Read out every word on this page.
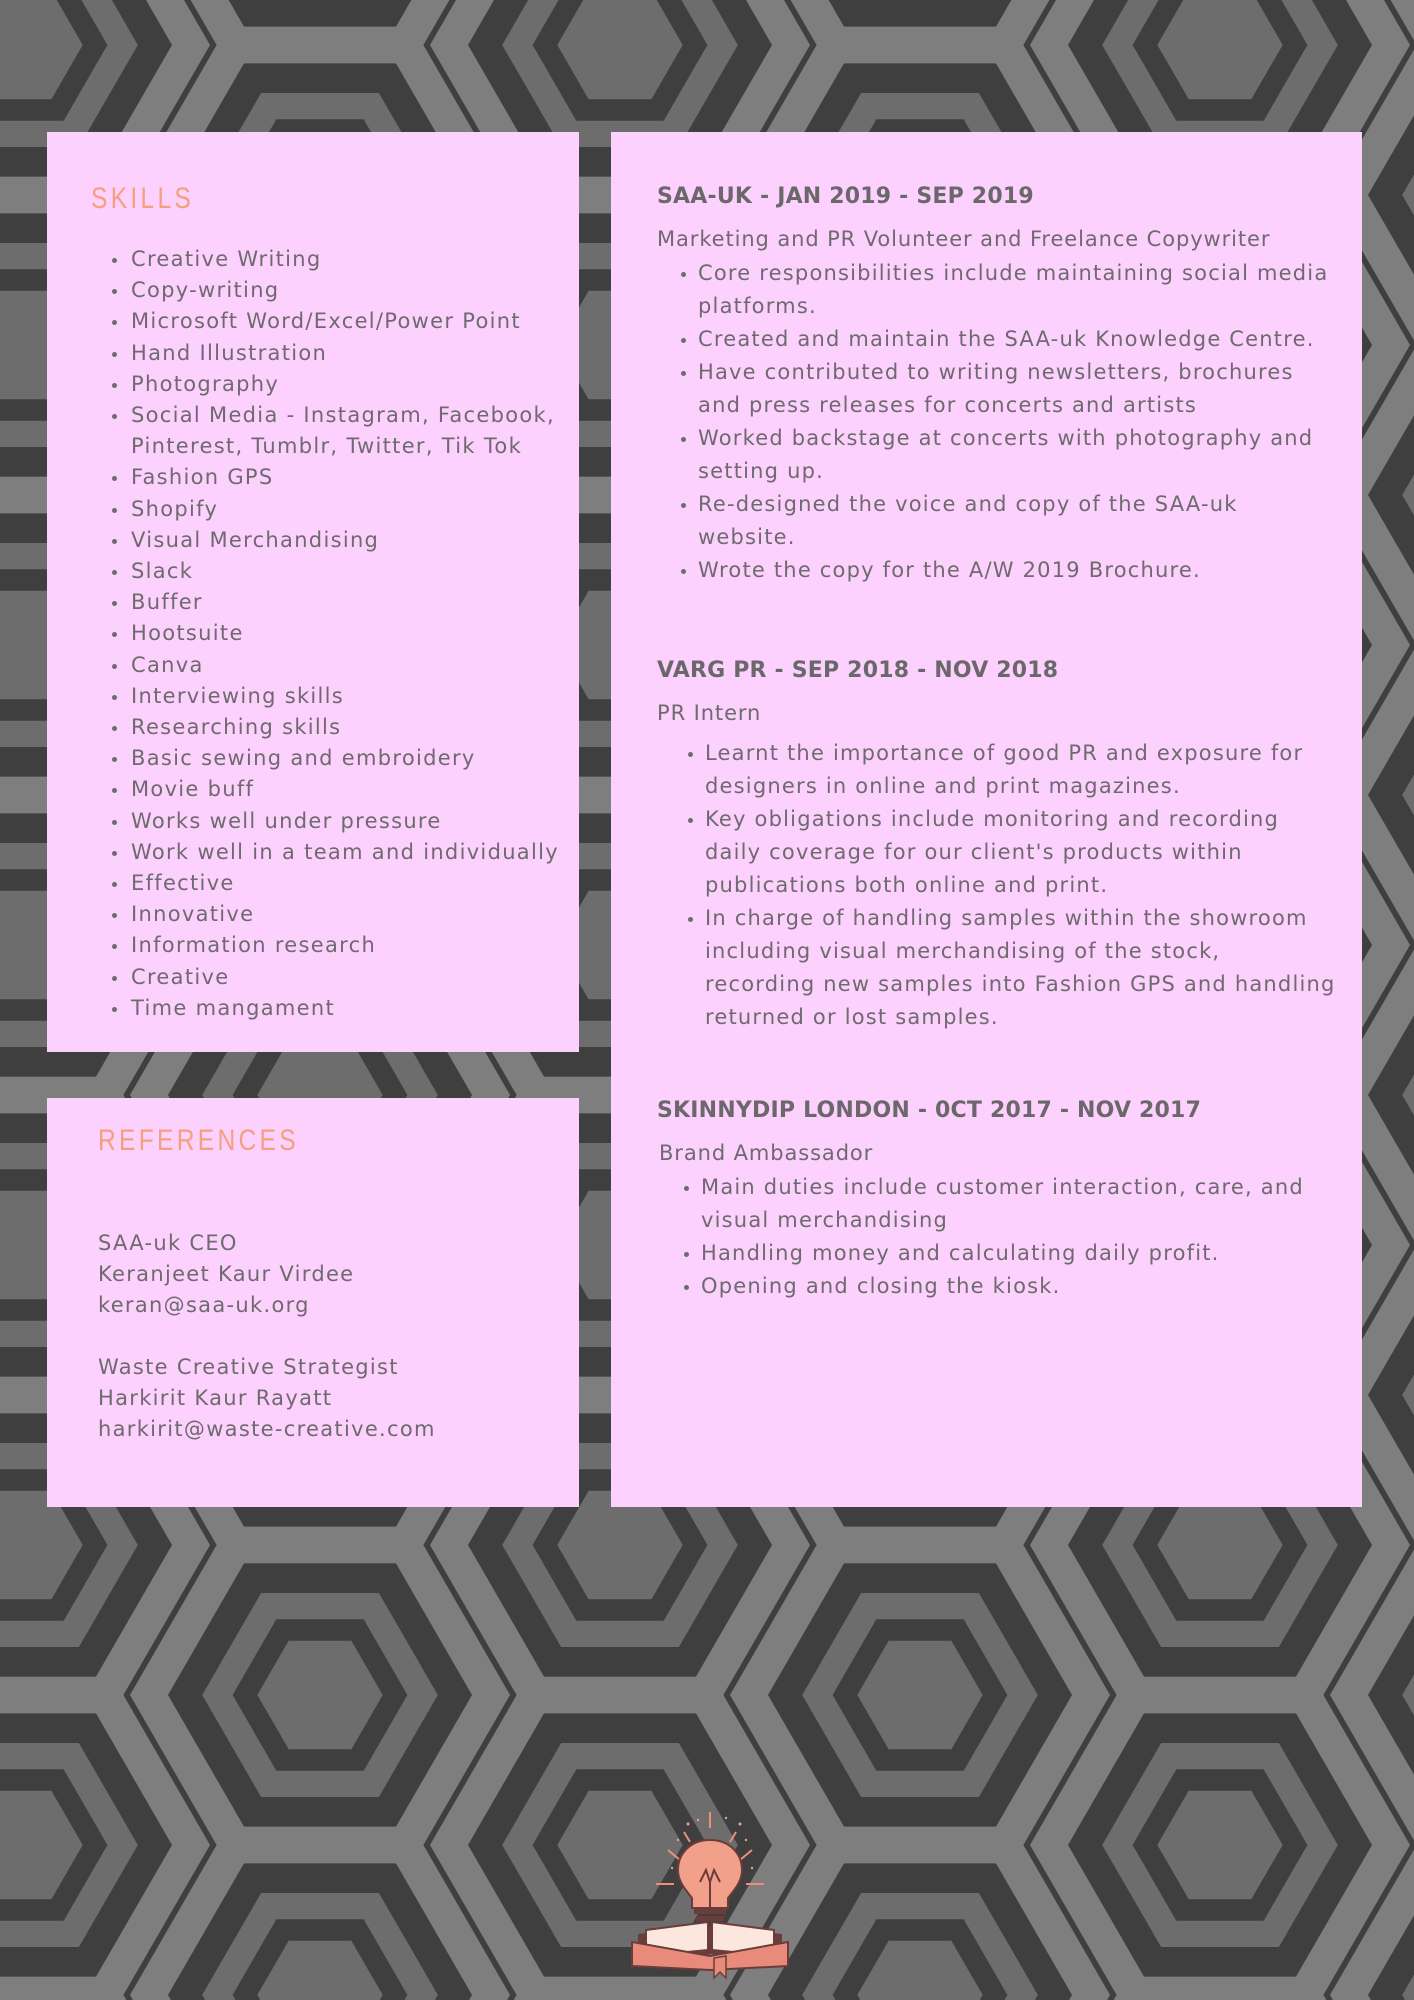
SKILLS
• Creative Writing
• Copy-writing
• Microsoft Word/Excel/Power Point
• Hand Illustration
• Photography
• Social Media - Instagram, Facebook, Pinterest, Tumblr, Twitter, Tik Tok
• Fashion GPS
• Shopify
• Visual Merchandising
• Slack
• Buffer
• Hootsuite
• Canva
• Interviewing skills
• Researching skills
• Basic sewing and embroidery
• Movie buff
• Works well under pressure
• Work well in a team and individually
• Effective
• Innovative
• Information research
• Creative
• Time mangament
REFERENCES
SAA-uk CEO
Keranjeet Kaur Virdee
keran@saa-uk.org
Waste Creative Strategist
Harkirit Kaur Rayatt
harkirit@waste-creative.com
SAA-UK - JAN 2019 - SEP 2019
Marketing and PR Volunteer and Freelance Copywriter
• Core responsibilities include maintaining social media platforms.
• Created and maintain the SAA-uk Knowledge Centre.
• Have contributed to writing newsletters, brochures and press releases for concerts and artists
• Worked backstage at concerts with photography and setting up.
• Re-designed the voice and copy of the SAA-uk website.
• Wrote the copy for the A/W 2019 Brochure.
VARG PR - SEP 2018 - NOV 2018
PR Intern
• Learnt the importance of good PR and exposure for designers in online and print magazines.
• Key obligations include monitoring and recording daily coverage for our client's products within publications both online and print.
• In charge of handling samples within the showroom including visual merchandising of the stock, recording new samples into Fashion GPS and handling returned or lost samples.
SKINNYDIP LONDON - 0CT 2017 - NOV 2017
Brand Ambassador
• Main duties include customer interaction, care, and visual merchandising
• Handling money and calculating daily profit.
• Opening and closing the kiosk.
